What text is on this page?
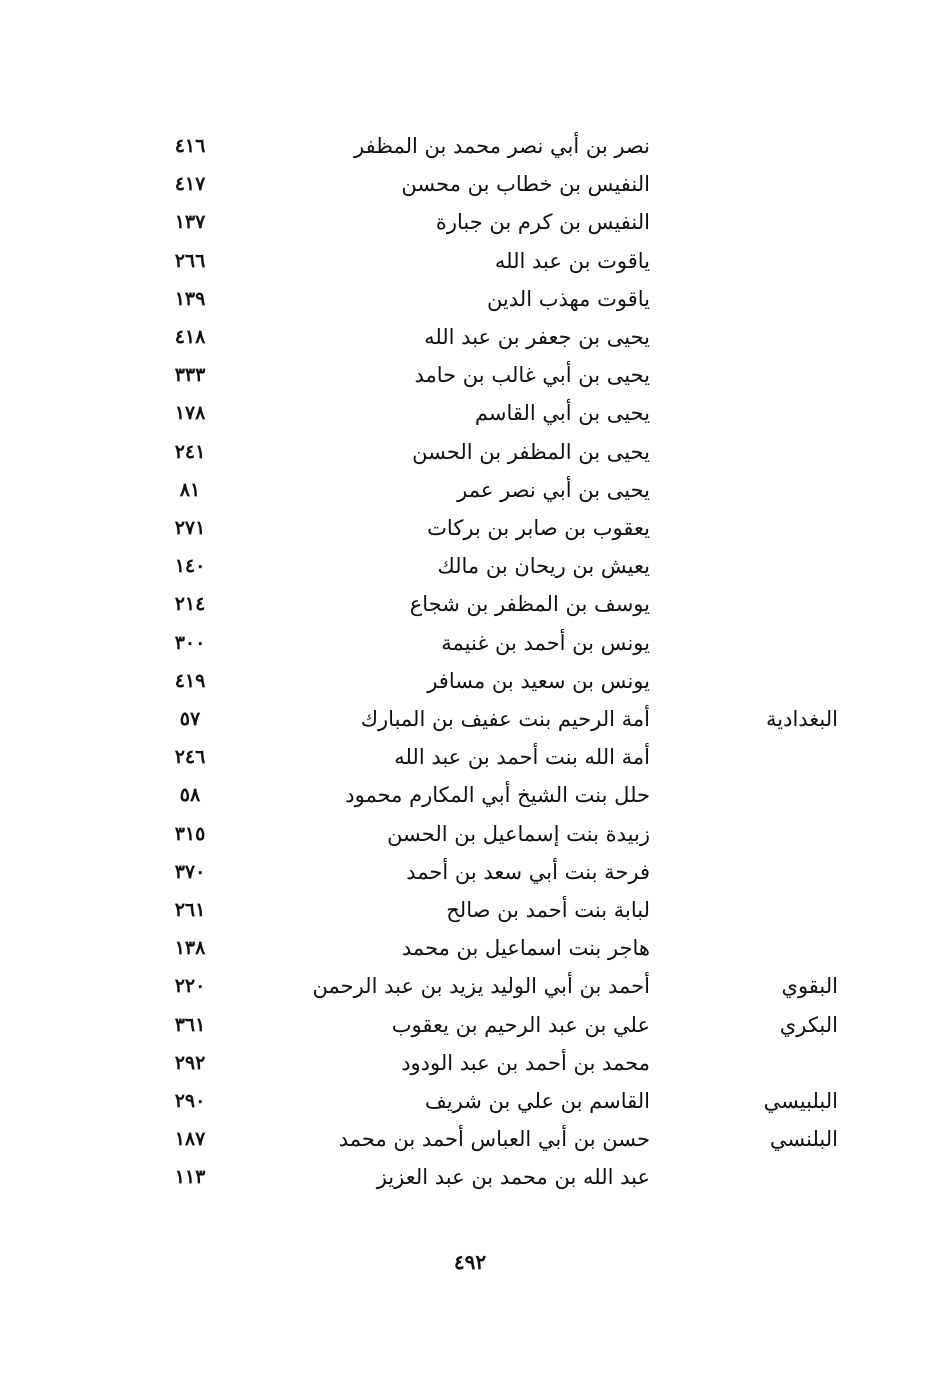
نصر بن أبي نصر محمد بن المظفر
٤١٦
النفيس بن خطاب بن محسن
٤١٧
النفيس بن كرم بن جبارة
١٣٧
ياقوت بن عبد الله
٢٦٦
ياقوت مهذب الدين
١٣٩
يحيى بن جعفر بن عبد الله
٤١٨
يحيى بن أبي غالب بن حامد
٣٣٣
يحيى بن أبي القاسم
١٧٨
يحيى بن المظفر بن الحسن
٢٤١
يحيى بن أبي نصر عمر
٨١
يعقوب بن صابر بن بركات
٢٧١
يعيش بن ريحان بن مالك
١٤٠
يوسف بن المظفر بن شجاع
٢١٤
يونس بن أحمد بن غنيمة
٣٠٠
يونس بن سعيد بن مسافر
٤١٩
البغدادية
أمة الرحيم بنت عفيف بن المبارك
٥٧
أمة الله بنت أحمد بن عبد الله
٢٤٦
حلل بنت الشيخ أبي المكارم محمود
٥٨
زبيدة بنت إسماعيل بن الحسن
٣١٥
فرحة بنت أبي سعد بن أحمد
٣٧٠
لبابة بنت أحمد بن صالح
٢٦١
هاجر بنت اسماعيل بن محمد
١٣٨
البقوي
أحمد بن أبي الوليد يزيد بن عبد الرحمن
٢٢٠
البكري
علي بن عبد الرحيم بن يعقوب
٣٦١
محمد بن أحمد بن عبد الودود
٢٩٢
البلبيسي
القاسم بن علي بن شريف
٢٩٠
البلنسي
حسن بن أبي العباس أحمد بن محمد
١٨٧
عبد الله بن محمد بن عبد العزيز
١١٣
٤٩٢
